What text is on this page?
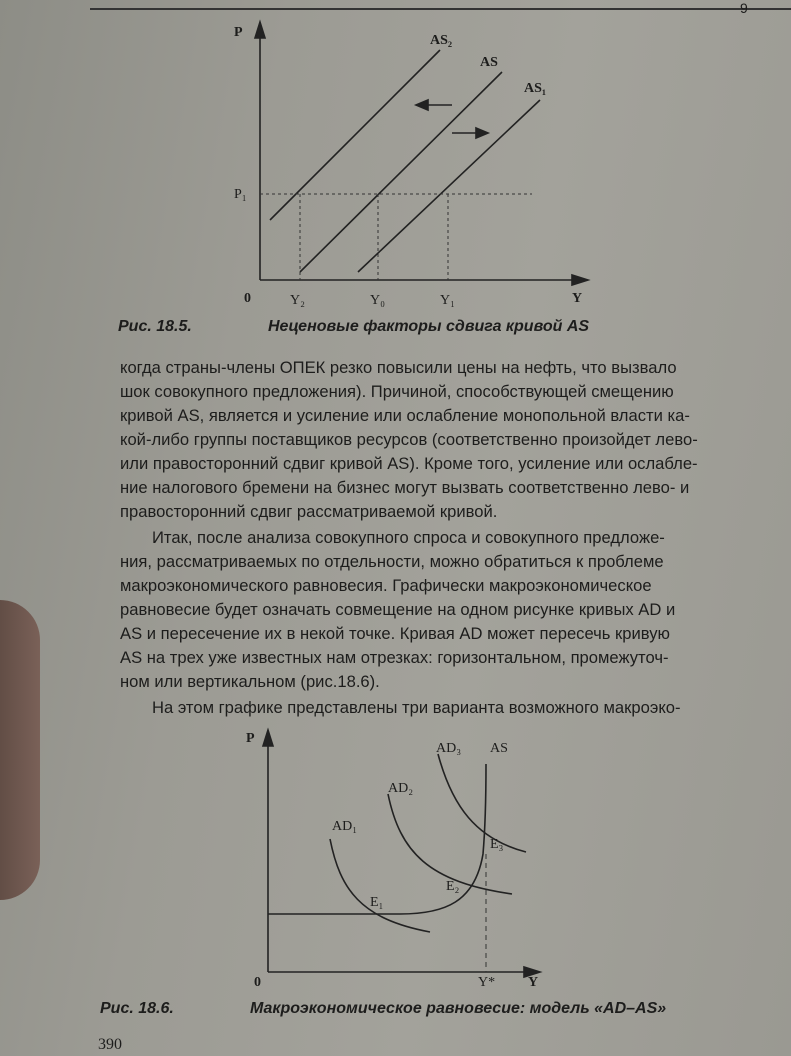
9
P
Y
0
P₁
AS₂
AS
AS₁
Y₂	Y₀	Y₁
Рис. 18.5.	Неценовые факторы сдвига кривой AS

когда страны-члены ОПЕК резко повысили цены на нефть, что вызвало

шок совокупного предложения). Причиной, способствующей смещению

кривой AS, является и усиление или ослабление монопольной власти ка-

кой-либо группы поставщиков ресурсов (соответственно произойдет лево-

или правосторонний сдвиг кривой AS). Кроме того, усиление или ослабле-

ние налогового бремени на бизнес могут вызвать соответственно лево- и

правосторонний сдвиг рассматриваемой кривой.

Итак, после анализа совокупного спроса и совокупного предложе-

ния, рассматриваемых по отдельности, можно обратиться к проблеме

макроэкономического равновесия. Графически макроэкономическое

равновесие будет означать совмещение на одном рисунке кривых AD и

AS и пересечение их в некой точке. Кривая AD может пересечь кривую

AS на трех уже известных нам отрезках: горизонтальном, промежуточ-

ном или вертикальном (рис.18.6).

На этом графике представлены три варианта возможного макроэко-

P
Y
0
AD₁
AD₂
AD₃ AS
E₁
E₂
E₃
Y*
Рис. 18.6.	Макроэкономическое равновесие: модель «AD–AS»
390
